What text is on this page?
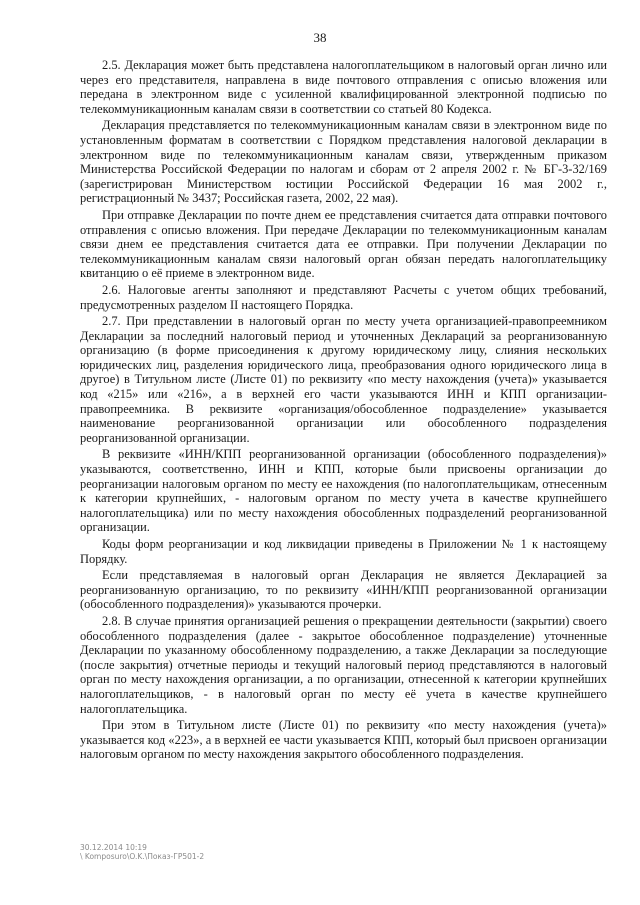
38

2.5. Декларация может быть представлена налогоплательщиком в налоговый орган лично или через его представителя, направлена в виде почтового отправления с описью вложения или передана в электронном виде с усиленной квалифицированной электронной подписью по телекоммуникационным каналам связи в соответствии со статьей 80 Кодекса.

Декларация представляется по телекоммуникационным каналам связи в электронном виде по установленным форматам в соответствии с Порядком представления налоговой декларации в электронном виде по телекоммуникационным каналам связи, утвержденным приказом Министерства Российской Федерации по налогам и сборам от 2 апреля 2002 г. № БГ-3-32/169 (зарегистрирован Министерством юстиции Российской Федерации 16 мая 2002 г., регистрационный № 3437; Российская газета, 2002, 22 мая).

При отправке Декларации по почте днем ее представления считается дата отправки почтового отправления с описью вложения. При передаче Декларации по телекоммуникационным каналам связи днем ее представления считается дата ее отправки. При получении Декларации по телекоммуникационным каналам связи налоговый орган обязан передать налогоплательщику квитанцию о её приеме в электронном виде.

2.6. Налоговые агенты заполняют и представляют Расчеты с учетом общих требований, предусмотренных разделом II настоящего Порядка.

2.7. При представлении в налоговый орган по месту учета организацией-правопреемником Декларации за последний налоговый период и уточненных Деклараций за реорганизованную организацию (в форме присоединения к другому юридическому лицу, слияния нескольких юридических лиц, разделения юридического лица, преобразования одного юридического лица в другое) в Титульном листе (Листе 01) по реквизиту «по месту нахождения (учета)» указывается код «215» или «216», а в верхней его части указываются ИНН и КПП организации-правопреемника. В реквизите «организация/обособленное подразделение» указывается наименование реорганизованной организации или обособленного подразделения реорганизованной организации.

В реквизите «ИНН/КПП реорганизованной организации (обособленного подразделения)» указываются, соответственно, ИНН и КПП, которые были присвоены организации до реорганизации налоговым органом по месту ее нахождения (по налогоплательщикам, отнесенным к категории крупнейших, - налоговым органом по месту учета в качестве крупнейшего налогоплательщика) или по месту нахождения обособленных подразделений реорганизованной организации.

Коды форм реорганизации и код ликвидации приведены в Приложении № 1 к настоящему Порядку.

Если представляемая в налоговый орган Декларация не является Декларацией за реорганизованную организацию, то по реквизиту «ИНН/КПП реорганизованной организации (обособленного подразделения)» указываются прочерки.

2.8. В случае принятия организацией решения о прекращении деятельности (закрытии) своего обособленного подразделения (далее - закрытое обособленное подразделение) уточненные Декларации по указанному обособленному подразделению, а также Декларации за последующие (после закрытия) отчетные периоды и текущий налоговый период представляются в налоговый орган по месту нахождения организации, а по организации, отнесенной к категории крупнейших налогоплательщиков, - в налоговый орган по месту её учета в качестве крупнейшего налогоплательщика.

При этом в Титульном листе (Листе 01) по реквизиту «по месту нахождения (учета)» указывается код «223», а в верхней ее части указывается КПП, который был присвоен организации налоговым органом по месту нахождения закрытого обособленного подразделения.

30.12.2014 10:19
\ Komposuro\O.K.\Показ-ГР501-2
